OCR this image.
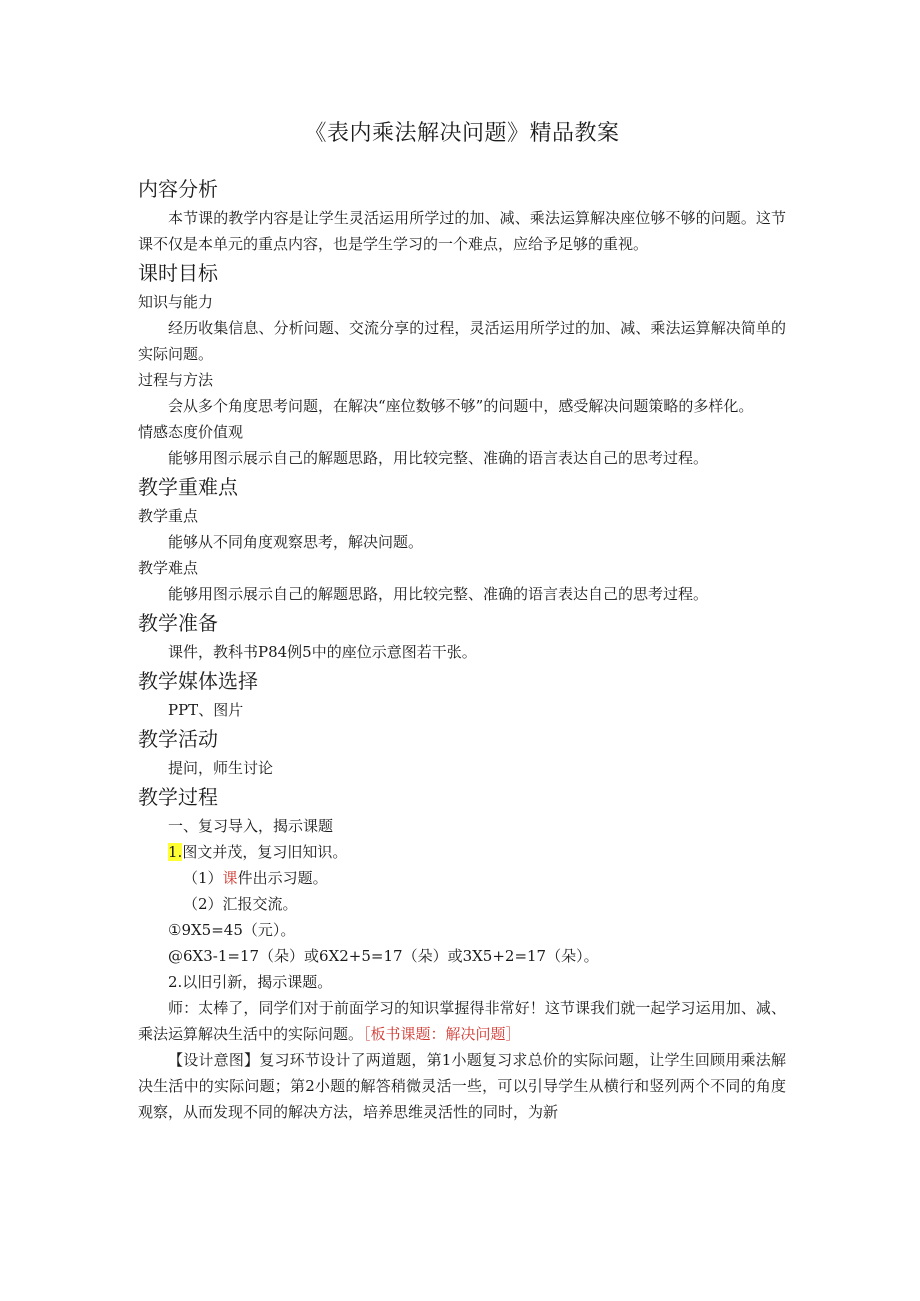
《表内乘法解决问题》精品教案
内容分析

本节课的教学内容是让学生灵活运用所学过的加、减、乘法运算解决座位够不够的问题。这节课不仅是本单元的重点内容，也是学生学习的一个难点，应给予足够的重视。

课时目标

知识与能力

经历收集信息、分析问题、交流分享的过程，灵活运用所学过的加、减、乘法运算解决简单的实际问题。

过程与方法

会从多个角度思考问题，在解决“座位数够不够”的问题中，感受解决问题策略的多样化。

情感态度价值观

能够用图示展示自己的解题思路，用比较完整、准确的语言表达自己的思考过程。

教学重难点

教学重点

能够从不同角度观察思考，解决问题。

教学难点

能够用图示展示自己的解题思路，用比较完整、准确的语言表达自己的思考过程。

教学准备

课件，教科书P84例5中的座位示意图若干张。

教学媒体选择

PPT、图片

教学活动

提问，师生讨论

教学过程

一、复习导入，揭示课题

1.图文并茂，复习旧知识。

（1）课件出示习题。

（2）汇报交流。

①9X5=45（元）。

@6X3-1=17（朵）或6X2+5=17（朵）或3X5+2=17（朵）。

2.以旧引新，揭示课题。

师：太棒了，同学们对于前面学习的知识掌握得非常好！这节课我们就一起学习运用加、减、乘法运算解决生活中的实际问题。［板书课题：解决问题］

【设计意图】复习环节设计了两道题，第1小题复习求总价的实际问题，让学生回顾用乘法解决生活中的实际问题；第2小题的解答稍微灵活一些，可以引导学生从横行和竖列两个不同的角度观察，从而发现不同的解决方法，培养思维灵活性的同时，为新
